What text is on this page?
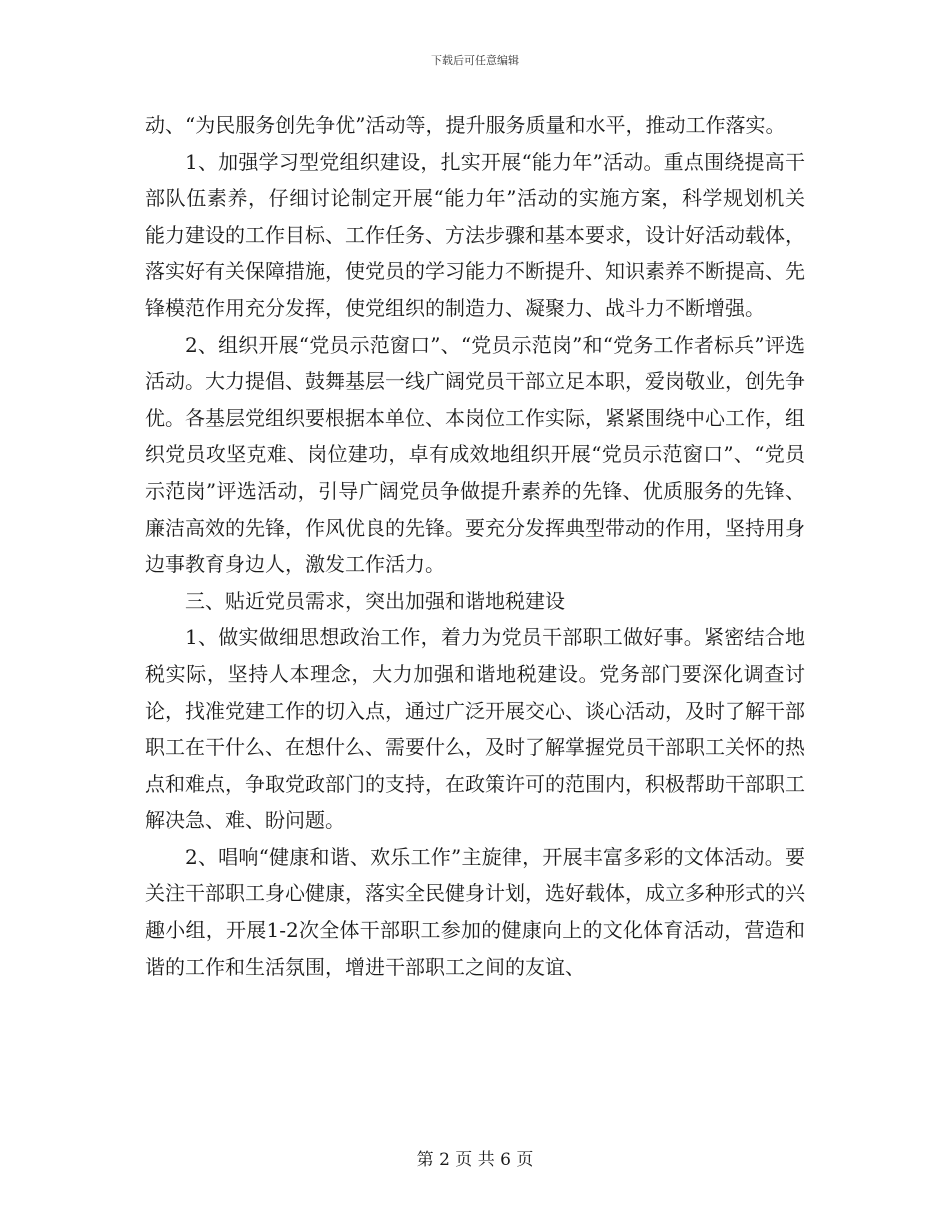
下载后可任意编辑

动、“为民服务创先争优”活动等，提升服务质量和水平，推动工作落实。

1、加强学习型党组织建设，扎实开展“能力年”活动。重点围绕提高干部队伍素养，仔细讨论制定开展“能力年”活动的实施方案，科学规划机关能力建设的工作目标、工作任务、方法步骤和基本要求，设计好活动载体，落实好有关保障措施，使党员的学习能力不断提升、知识素养不断提高、先锋模范作用充分发挥，使党组织的制造力、凝聚力、战斗力不断增强。

2、组织开展“党员示范窗口”、“党员示范岗”和“党务工作者标兵”评选活动。大力提倡、鼓舞基层一线广阔党员干部立足本职，爱岗敬业，创先争优。各基层党组织要根据本单位、本岗位工作实际，紧紧围绕中心工作，组织党员攻坚克难、岗位建功，卓有成效地组织开展“党员示范窗口”、“党员示范岗”评选活动，引导广阔党员争做提升素养的先锋、优质服务的先锋、廉洁高效的先锋，作风优良的先锋。要充分发挥典型带动的作用，坚持用身边事教育身边人，激发工作活力。

三、贴近党员需求，突出加强和谐地税建设

1、做实做细思想政治工作，着力为党员干部职工做好事。紧密结合地税实际，坚持人本理念，大力加强和谐地税建设。党务部门要深化调查讨论，找准党建工作的切入点，通过广泛开展交心、谈心活动，及时了解干部职工在干什么、在想什么、需要什么，及时了解掌握党员干部职工关怀的热点和难点，争取党政部门的支持，在政策许可的范围内，积极帮助干部职工解决急、难、盼问题。

2、唱响“健康和谐、欢乐工作”主旋律，开展丰富多彩的文体活动。要关注干部职工身心健康，落实全民健身计划，选好载体，成立多种形式的兴趣小组，开展1-2次全体干部职工参加的健康向上的文化体育活动，营造和谐的工作和生活氛围，增进干部职工之间的友谊、

第 2 页 共 6 页
